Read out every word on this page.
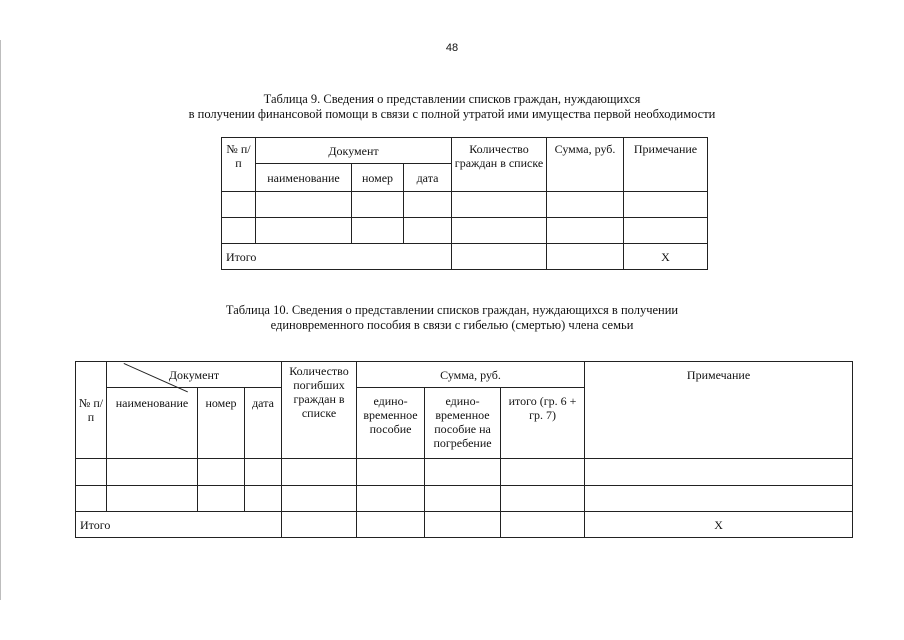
48
Таблица 9. Сведения о представлении списков граждан, нуждающихся
в получении финансовой помощи в связи с полной утратой ими имущества первой необходимости
№ п/п	Документ			Количество граждан в списке	Сумма, руб.	Примечание
	наименование	номер	дата			

Итого						X
Таблица 10. Сведения о представлении списков граждан, нуждающихся в получении
единовременного пособия в связи с гибелью (смертью) члена семьи
№ п/п	Документ			Количество погибших граждан в списке	Сумма, руб.			Примечание
	наименование	номер	дата		едино-временное пособие	едино-временное пособие на погребение	итого (гр. 6 + гр. 7)	

Итого								X
